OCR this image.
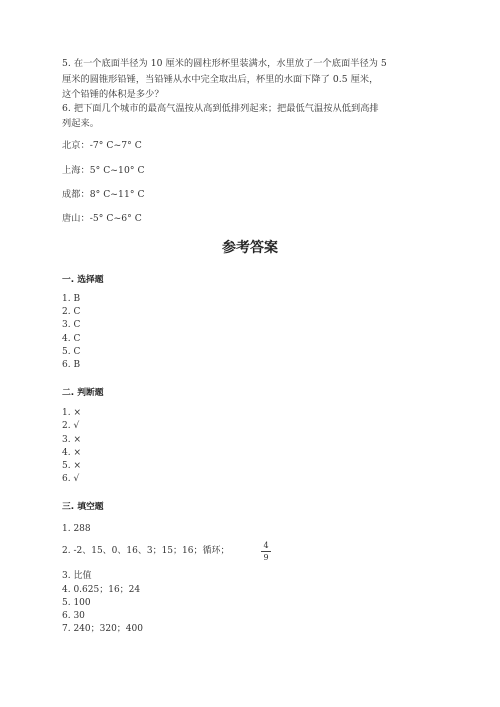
5. 在一个底面半径为 10 厘米的圆柱形杯里装满水，水里放了一个底面半径为 5
厘米的圆锥形铅锤，当铅锤从水中完全取出后，杯里的水面下降了 0.5 厘米，
这个铅锤的体积是多少？
6. 把下面几个城市的最高气温按从高到低排列起来；把最低气温按从低到高排
列起来。
北京：-7° C~7° C
上海：5° C~10° C
成都：8° C~11° C
唐山：-5° C~6° C
参考答案
一. 选择题
1. B
2. C
3. C
4. C
5. C
6. B
二. 判断题
1. ×
2. √
3. ×
4. ×
5. ×
6. √
三. 填空题
1. 288
2. -2、15、0、16、3；15；16；循环；
4
9
3. 比值
4. 0.625；16；24
5. 100
6. 30
7. 240；320；400
